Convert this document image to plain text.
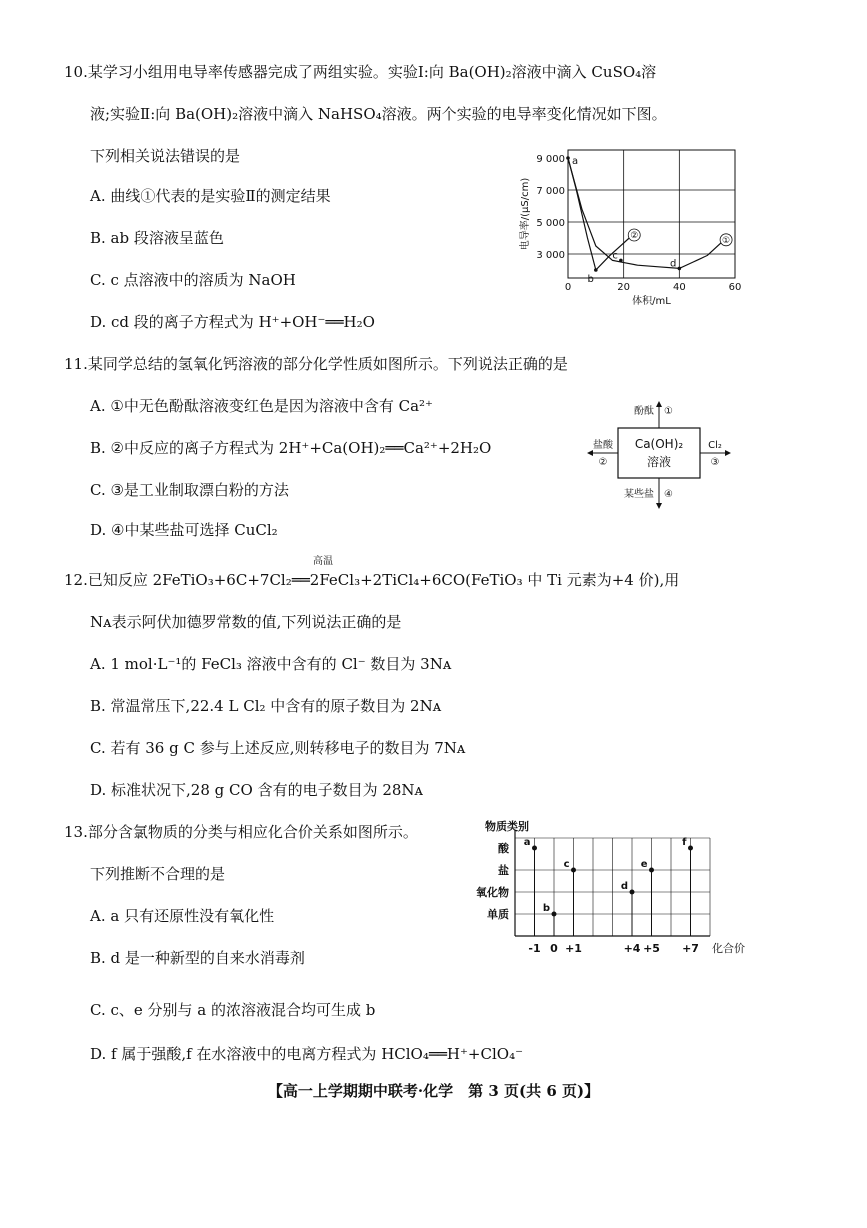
10.某学习小组用电导率传感器完成了两组实验。实验Ⅰ:向 Ba(OH)₂溶液中滴入 CuSO₄溶
液;实验Ⅱ:向 Ba(OH)₂溶液中滴入 NaHSO₄溶液。两个实验的电导率变化情况如下图。
下列相关说法错误的是
A. 曲线①代表的是实验Ⅱ的测定结果
B. ab 段溶液呈蓝色
C. c 点溶液中的溶质为 NaOH
D. cd 段的离子方程式为 H⁺+OH⁻══H₂O
0	20	40	60
3 000
5 000
7 000
9 000
体积/mL
电导率/(μS/cm)	①
②
a
b
c
d
11.某同学总结的氢氧化钙溶液的部分化学性质如图所示。下列说法正确的是
A. ①中无色酚酞溶液变红色是因为溶液中含有 Ca²⁺
B. ②中反应的离子方程式为 2H⁺+Ca(OH)₂══Ca²⁺+2H₂O
C. ③是工业制取漂白粉的方法
D. ④中某些盐可选择 CuCl₂
Ca(OH)₂
溶液
酚酞 ①
盐酸
②
Cl₂
③
某些盐 ④
高温
12.已知反应 2FeTiO₃+6C+7Cl₂══2FeCl₃+2TiCl₄+6CO(FeTiO₃ 中 Ti 元素为+4 价),用
Nᴀ表示阿伏加德罗常数的值,下列说法正确的是
A. 1 mol·L⁻¹的 FeCl₃ 溶液中含有的 Cl⁻ 数目为 3Nᴀ
B. 常温常压下,22.4 L Cl₂ 中含有的原子数目为 2Nᴀ
C. 若有 36 g C 参与上述反应,则转移电子的数目为 7Nᴀ
D. 标准状况下,28 g CO 含有的电子数目为 28Nᴀ
13.部分含氯物质的分类与相应化合价关系如图所示。
下列推断不合理的是
A. a 只有还原性没有氧化性
B. d 是一种新型的自来水消毒剂
C. c、e 分别与 a 的浓溶液混合均可生成 b
D. f 属于强酸,f 在水溶液中的电离方程式为 HClO₄══H⁺+ClO₄⁻
物质类别
化合价
单质
氧化物
盐
酸
-1 0 +1	+4 +5 +7
a
b
c
d
e
f
【高一上学期期中联考·化学　第 3 页(共 6 页)】
